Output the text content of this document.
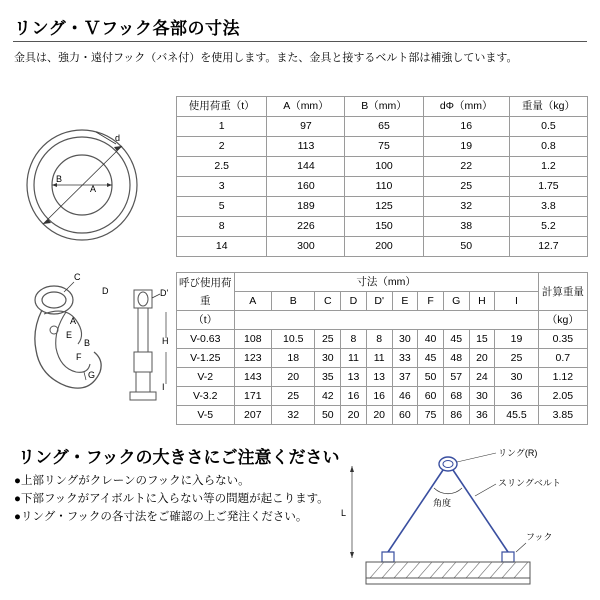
リング・Ｖフック各部の寸法
金具は、強力・遠付フック（バネ付）を使用します。また、金具と接するベルト部は補強しています。
d
B
A
C
D
A
E
B
F
G
D'
H
I
使用荷重（t）	A（mm）	B（mm）	dΦ（mm）	重量（kg）
1	97	65	16	0.5
2	113	75	19	0.8
2.5	144	100	22	1.2
3	160	110	25	1.75
5	189	125	32	3.8
8	226	150	38	5.2
14	300	200	50	12.7
呼び使用荷重	寸法（mm）										計算重量
	A	B	C	D	D'	E	F	G	H	I	
（t）											（kg）
V-0.63	108	10.5	25	8	8	30	40	45	15	19	0.35
V-1.25	123	18	30	11	11	33	45	48	20	25	0.7
V-2	143	20	35	13	13	37	50	57	24	30	1.12
V-3.2	171	25	42	16	16	46	60	68	30	36	2.05
V-5	207	32	50	20	20	60	75	86	36	45.5	3.85
リング・フックの大きさにご注意ください
●上部リングがクレーンのフックに入らない。
●下部フックがアイボルトに入らない等の問題が起こります。
●リング・フックの各寸法をご確認の上ご発注ください。
リング(R)
スリングベルト
角度
フック
L
